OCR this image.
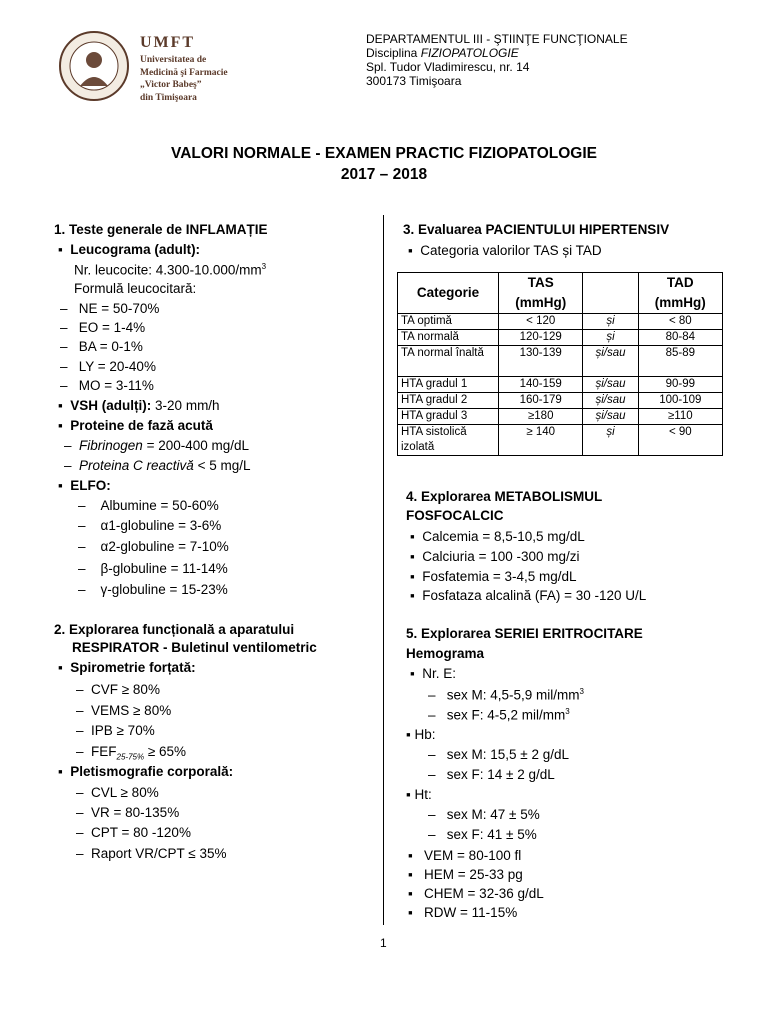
UMFT
Universitatea de
Medicină şi Farmacie
„Victor Babeş”
din Timişoara
DEPARTAMENTUL III - ŞTIINŢE FUNCŢIONALE
Disciplina FIZIOPATOLOGIE
Spl. Tudor Vladimirescu, nr. 14
300173 Timişoara
VALORI NORMALE - EXAMEN PRACTIC FIZIOPATOLOGIE
2017 – 2018
1. Teste generale de INFLAMAȚIE
▪  Leucograma (adult):
Nr. leucocite: $4.300-10.000/mm^3$
Formulă leucocitară:
–   NE = 50-70%
–   EO = 1-4%
–   BA = 0-1%
–   LY = 20-40%
–   MO = 3-11%
▪  VSH (adulți): 3-20 mm/h
▪  Proteine de fază acută
–  Fibrinogen = 200-400 mg/dL
–  Proteina C reactivă < 5 mg/L
▪  ELFO:
–    Albumine = 50-60%
–    α1-globuline = 3-6%
–    α2-globuline = 7-10%
–    β-globuline = 11-14%
–    γ-globuline = 15-23%
2. Explorarea funcțională a aparatului
RESPIRATOR - Buletinul ventilometric
▪  Spirometrie forțată:
–  CVF ≥ 80%
–  VEMS ≥ 80%
–  IPB ≥ 70%
–  $FEF_{25-75\%} \ge 65\%$
▪  Pletismografie corporală:
–  CVL ≥ 80%
–  VR = 80-135%
–  CPT = 80 -120%
–  Raport VR/CPT ≤ 35%
3. Evaluarea PACIENTULUI HIPERTENSIV
▪  Categoria valorilor TAS și TAD
Categorie	TAS
(mmHg)		TAD
(mmHg)
TA optimă	< 120	și	< 80
TA normală	120-129	și	80-84
TA normal înaltă	130-139	și/sau	85-89
HTA gradul 1	140-159	și/sau	90-99
HTA gradul 2	160-179	și/sau	100-109
HTA gradul 3	≥180	și/sau	≥110
HTA sistolică izolată	≥ 140	și	< 90
4. Explorarea METABOLISMUL
FOSFOCALCIC
▪  Calcemia = 8,5-10,5 mg/dL
▪  Calciuria = 100 -300 mg/zi
▪  Fosfatemia = 3-4,5 mg/dL
▪  Fosfataza alcalină (FA) = 30 -120 U/L
5. Explorarea SERIEI ERITROCITARE
Hemograma
▪  Nr. E:
–   sex M: 4,5-5,9 mil/$mm^3$
–   sex F: 4-5,2 mil/$mm^3$
▪ Hb:
–   sex M: 15,5 ± 2 g/dL
–   sex F: 14 ± 2 g/dL
▪ Ht:
–   sex M: 47 ± 5%
–   sex F: 41 ± 5%
▪   VEM = 80-100 fl
▪   HEM = 25-33 pg
▪   CHEM = 32-36 g/dL
▪   RDW = 11-15%
1
